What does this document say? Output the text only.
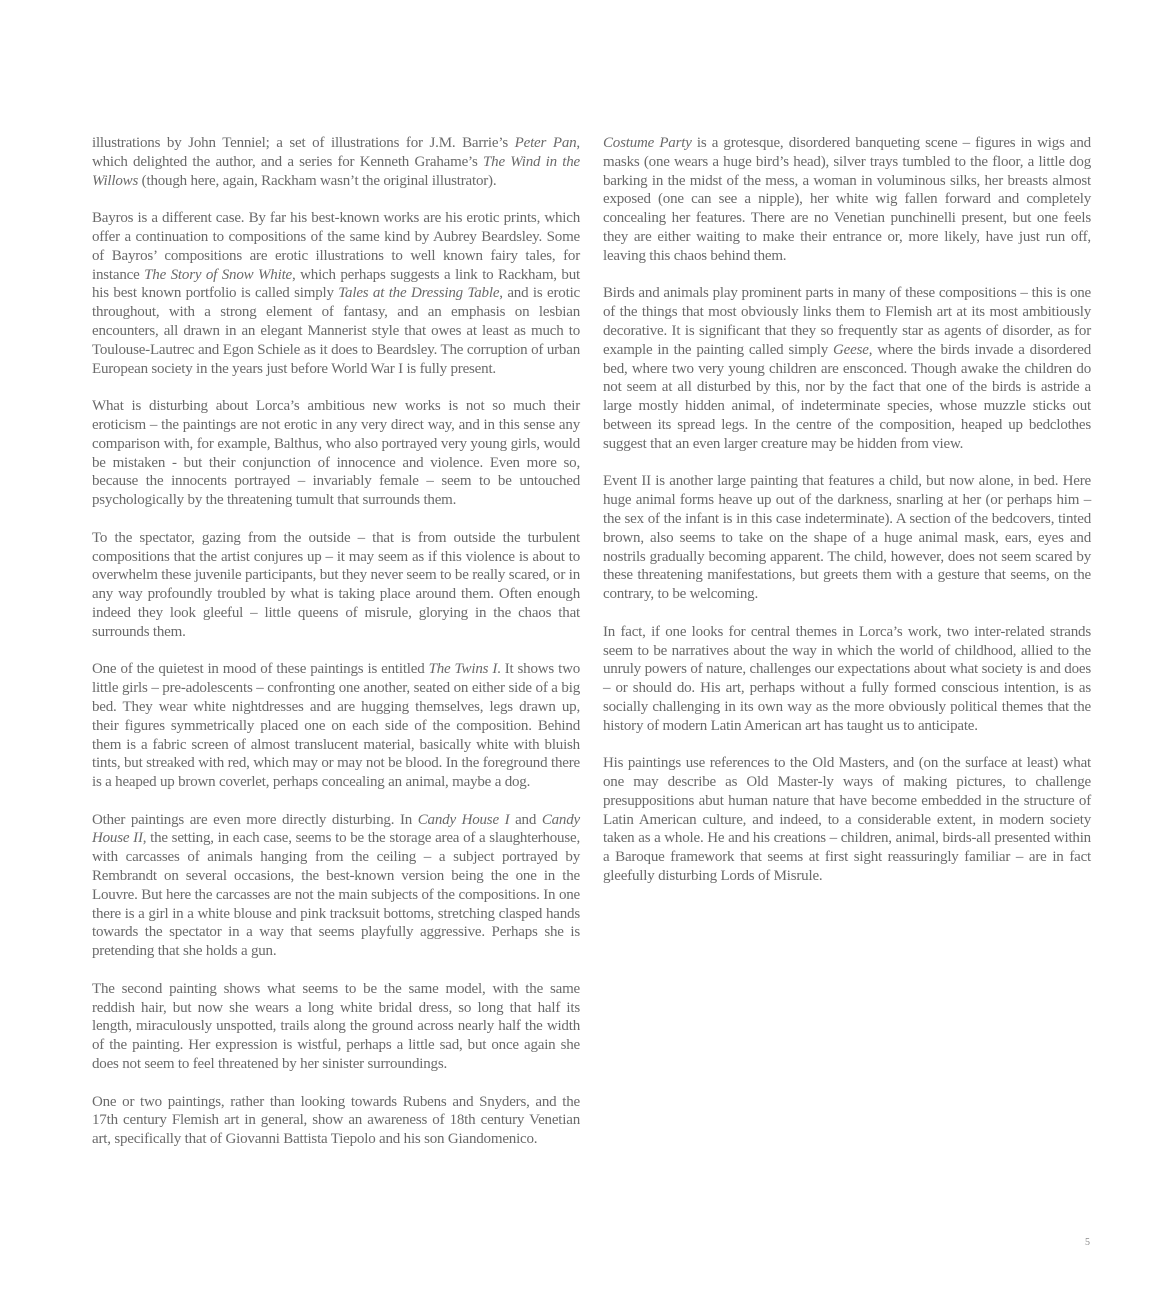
illustrations by John Tenniel; a set of illustrations for J.M. Barrie’s Peter Pan, which delighted the author, and a series for Kenneth Grahame’s The Wind in the Willows (though here, again, Rackham wasn’t the original illustrator).

Bayros is a different case. By far his best-known works are his erotic prints, which offer a continuation to compositions of the same kind by Aubrey Beardsley. Some of Bayros’ compositions are erotic illustrations to well known fairy tales, for instance The Story of Snow White, which perhaps suggests a link to Rackham, but his best known portfolio is called simply Tales at the Dressing Table, and is erotic throughout, with a strong element of fantasy, and an emphasis on lesbian encounters, all drawn in an elegant Mannerist style that owes at least as much to Toulouse-Lautrec and Egon Schiele as it does to Beardsley. The corruption of urban European society in the years just before World War I is fully present.

What is disturbing about Lorca’s ambitious new works is not so much their eroticism – the paintings are not erotic in any very direct way, and in this sense any comparison with, for example, Balthus, who also portrayed very young girls, would be mistaken - but their conjunction of innocence and violence. Even more so, because the innocents portrayed – invariably female – seem to be untouched psychologically by the threatening tumult that surrounds them.

To the spectator, gazing from the outside – that is from outside the turbulent compositions that the artist conjures up – it may seem as if this violence is about to overwhelm these juvenile participants, but they never seem to be really scared, or in any way profoundly troubled by what is taking place around them. Often enough indeed they look gleeful – little queens of misrule, glorying in the chaos that surrounds them.

One of the quietest in mood of these paintings is entitled The Twins I. It shows two little girls – pre-adolescents – confronting one another, seated on either side of a big bed. They wear white nightdresses and are hugging themselves, legs drawn up, their figures symmetrically placed one on each side of the composition. Behind them is a fabric screen of almost translucent material, basically white with bluish tints, but streaked with red, which may or may not be blood. In the foreground there is a heaped up brown coverlet, perhaps concealing an animal, maybe a dog.

Other paintings are even more directly disturbing. In Candy House I and Candy House II, the setting, in each case, seems to be the storage area of a slaughterhouse, with carcasses of animals hanging from the ceiling – a subject portrayed by Rembrandt on several occasions, the best-known version being the one in the Louvre. But here the carcasses are not the main subjects of the compositions. In one there is a girl in a white blouse and pink tracksuit bottoms, stretching clasped hands towards the spectator in a way that seems playfully aggressive. Perhaps she is pretending that she holds a gun.

The second painting shows what seems to be the same model, with the same reddish hair, but now she wears a long white bridal dress, so long that half its length, miraculously unspotted, trails along the ground across nearly half the width of the painting. Her expression is wistful, perhaps a little sad, but once again she does not seem to feel threatened by her sinister surroundings.

One or two paintings, rather than looking towards Rubens and Snyders, and the 17th century Flemish art in general, show an awareness of 18th century Venetian art, specifically that of Giovanni Battista Tiepolo and his son Giandomenico.

Costume Party is a grotesque, disordered banqueting scene – figures in wigs and masks (one wears a huge bird’s head), silver trays tumbled to the floor, a little dog barking in the midst of the mess, a woman in voluminous silks, her breasts almost exposed (one can see a nipple), her white wig fallen forward and completely concealing her features. There are no Venetian punchinelli present, but one feels they are either waiting to make their entrance or, more likely, have just run off, leaving this chaos behind them.

Birds and animals play prominent parts in many of these compositions – this is one of the things that most obviously links them to Flemish art at its most ambitiously decorative. It is significant that they so frequently star as agents of disorder, as for example in the painting called simply Geese, where the birds invade a disordered bed, where two very young children are ensconced. Though awake the children do not seem at all disturbed by this, nor by the fact that one of the birds is astride a large mostly hidden animal, of indeterminate species, whose muzzle sticks out between its spread legs. In the centre of the composition, heaped up bedclothes suggest that an even larger creature may be hidden from view.

Event II is another large painting that features a child, but now alone, in bed. Here huge animal forms heave up out of the darkness, snarling at her (or perhaps him – the sex of the infant is in this case indeterminate). A section of the bedcovers, tinted brown, also seems to take on the shape of a huge animal mask, ears, eyes and nostrils gradually becoming apparent. The child, however, does not seem scared by these threatening manifestations, but greets them with a gesture that seems, on the contrary, to be welcoming.

In fact, if one looks for central themes in Lorca’s work, two inter-related strands seem to be narratives about the way in which the world of childhood, allied to the unruly powers of nature, challenges our expectations about what society is and does – or should do. His art, perhaps without a fully formed conscious intention, is as socially challenging in its own way as the more obviously political themes that the history of modern Latin American art has taught us to anticipate.

His paintings use references to the Old Masters, and (on the surface at least) what one may describe as Old Master-ly ways of making pictures, to challenge presuppositions abut human nature that have become embedded in the structure of Latin American culture, and indeed, to a considerable extent, in modern society taken as a whole. He and his creations – children, animal, birds-all presented within a Baroque framework that seems at first sight reassuringly familiar – are in fact gleefully disturbing Lords of Misrule.

5
